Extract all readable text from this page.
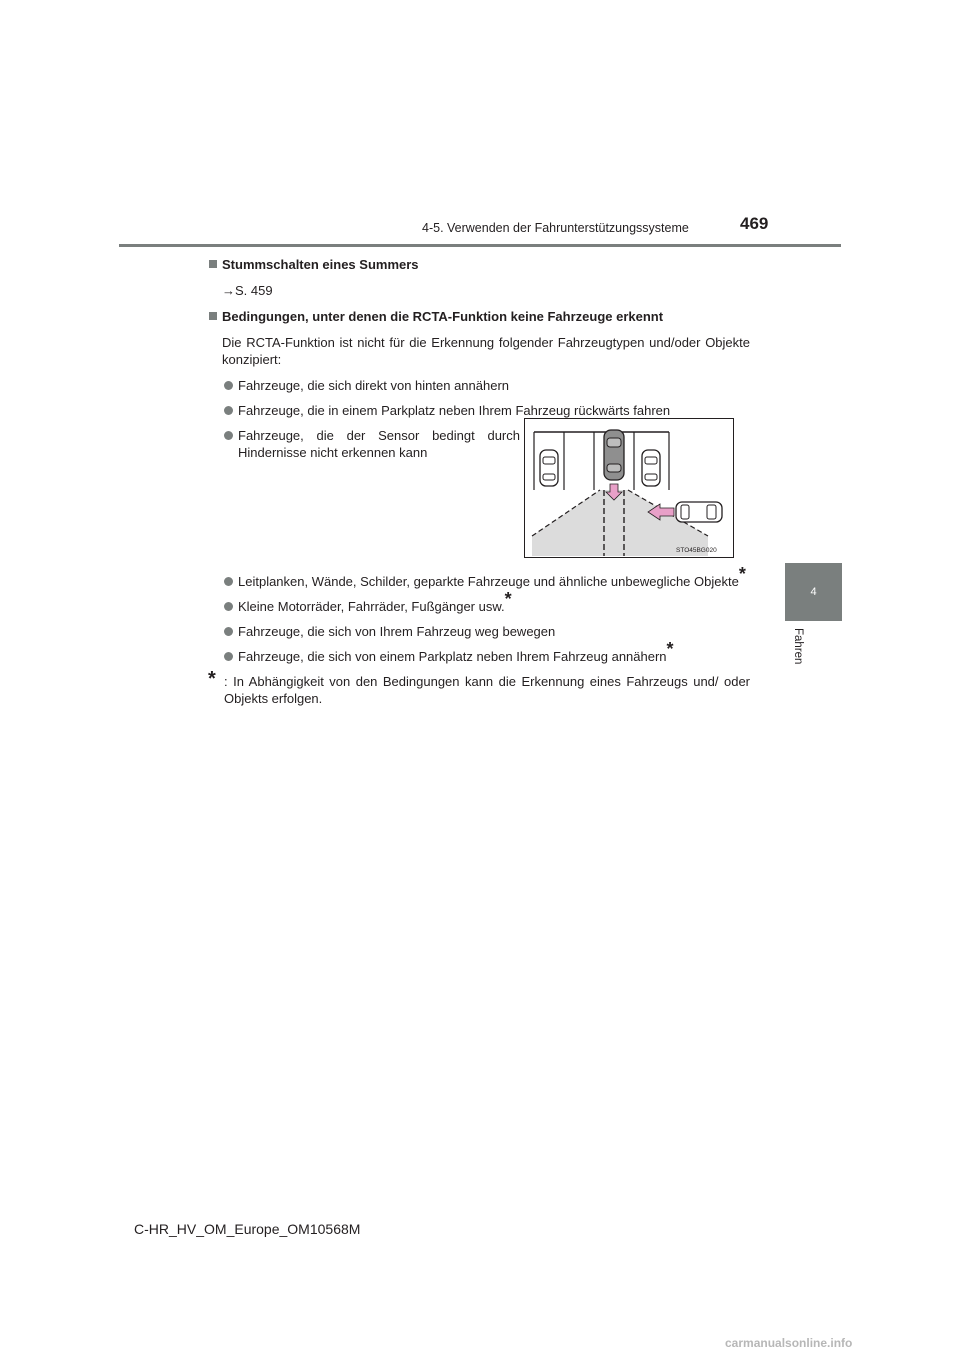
4-5. Verwenden der Fahrunterstützungssysteme	469
4
Fahren
Stummschalten eines Summers
→S. 459
Bedingungen, unter denen die RCTA-Funktion keine Fahrzeuge erkennt
Die RCTA-Funktion ist nicht für die Erkennung folgender Fahrzeugtypen und/oder Objekte konzipiert:
Fahrzeuge, die sich direkt von hinten annähern
Fahrzeuge, die in einem Parkplatz neben Ihrem Fahrzeug rückwärts fahren
Fahrzeuge, die der Sensor bedingt durch Hindernisse nicht erkennen kann
STO45BG020
Leitplanken, Wände, Schilder, geparkte Fahrzeuge und ähnliche unbewegliche Objekte*
Kleine Motorräder, Fahrräder, Fußgänger usw.*
Fahrzeuge, die sich von Ihrem Fahrzeug weg bewegen
Fahrzeuge, die sich von einem Parkplatz neben Ihrem Fahrzeug annähern*
* : In Abhängigkeit von den Bedingungen kann die Erkennung eines Fahrzeugs und/ oder Objekts erfolgen.
C-HR_HV_OM_Europe_OM10568M
carmanualsonline.info
